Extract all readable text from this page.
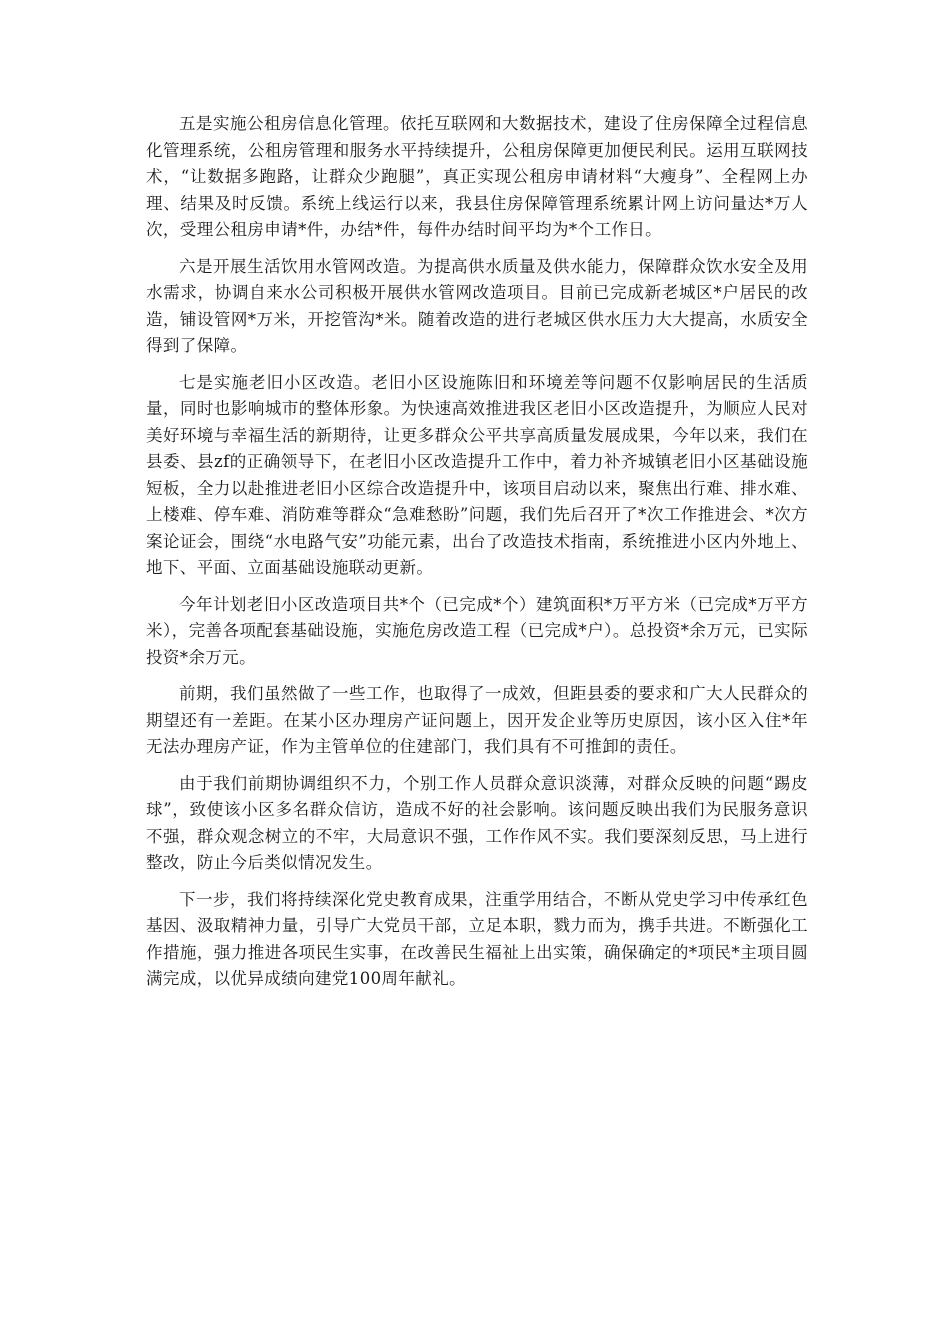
五是实施公租房信息化管理。依托互联网和大数据技术，建设了住房保障全过程信息化管理系统，公租房管理和服务水平持续提升，公租房保障更加便民利民。运用互联网技术，“让数据多跑路，让群众少跑腿”，真正实现公租房申请材料“大瘦身”、全程网上办理、结果及时反馈。系统上线运行以来，我县住房保障管理系统累计网上访问量达*万人次，受理公租房申请*件，办结*件，每件办结时间平均为*个工作日。

六是开展生活饮用水管网改造。为提高供水质量及供水能力，保障群众饮水安全及用水需求，协调自来水公司积极开展供水管网改造项目。目前已完成新老城区*户居民的改造，铺设管网*万米，开挖管沟*米。随着改造的进行老城区供水压力大大提高，水质安全得到了保障。

七是实施老旧小区改造。老旧小区设施陈旧和环境差等问题不仅影响居民的生活质量，同时也影响城市的整体形象。为快速高效推进我区老旧小区改造提升，为顺应人民对美好环境与幸福生活的新期待，让更多群众公平共享高质量发展成果，今年以来，我们在县委、县zf的正确领导下，在老旧小区改造提升工作中，着力补齐城镇老旧小区基础设施短板，全力以赴推进老旧小区综合改造提升中，该项目启动以来，聚焦出行难、排水难、上楼难、停车难、消防难等群众“急难愁盼”问题，我们先后召开了*次工作推进会、*次方案论证会，围绕“水电路气安”功能元素，出台了改造技术指南，系统推进小区内外地上、地下、平面、立面基础设施联动更新。

今年计划老旧小区改造项目共*个（已完成*个）建筑面积*万平方米（已完成*万平方米），完善各项配套基础设施，实施危房改造工程（已完成*户）。总投资*余万元，已实际投资*余万元。

前期，我们虽然做了一些工作，也取得了一成效，但距县委的要求和广大人民群众的期望还有一差距。在某小区办理房产证问题上，因开发企业等历史原因，该小区入住*年无法办理房产证，作为主管单位的住建部门，我们具有不可推卸的责任。

由于我们前期协调组织不力，个别工作人员群众意识淡薄，对群众反映的问题“踢皮球”，致使该小区多名群众信访，造成不好的社会影响。该问题反映出我们为民服务意识不强，群众观念树立的不牢，大局意识不强，工作作风不实。我们要深刻反思，马上进行整改，防止今后类似情况发生。

下一步，我们将持续深化党史教育成果，注重学用结合，不断从党史学习中传承红色基因、汲取精神力量，引导广大党员干部，立足本职，戮力而为，携手共进。不断强化工作措施，强力推进各项民生实事，在改善民生福祉上出实策，确保确定的*项民*主项目圆满完成，以优异成绩向建党100周年献礼。
